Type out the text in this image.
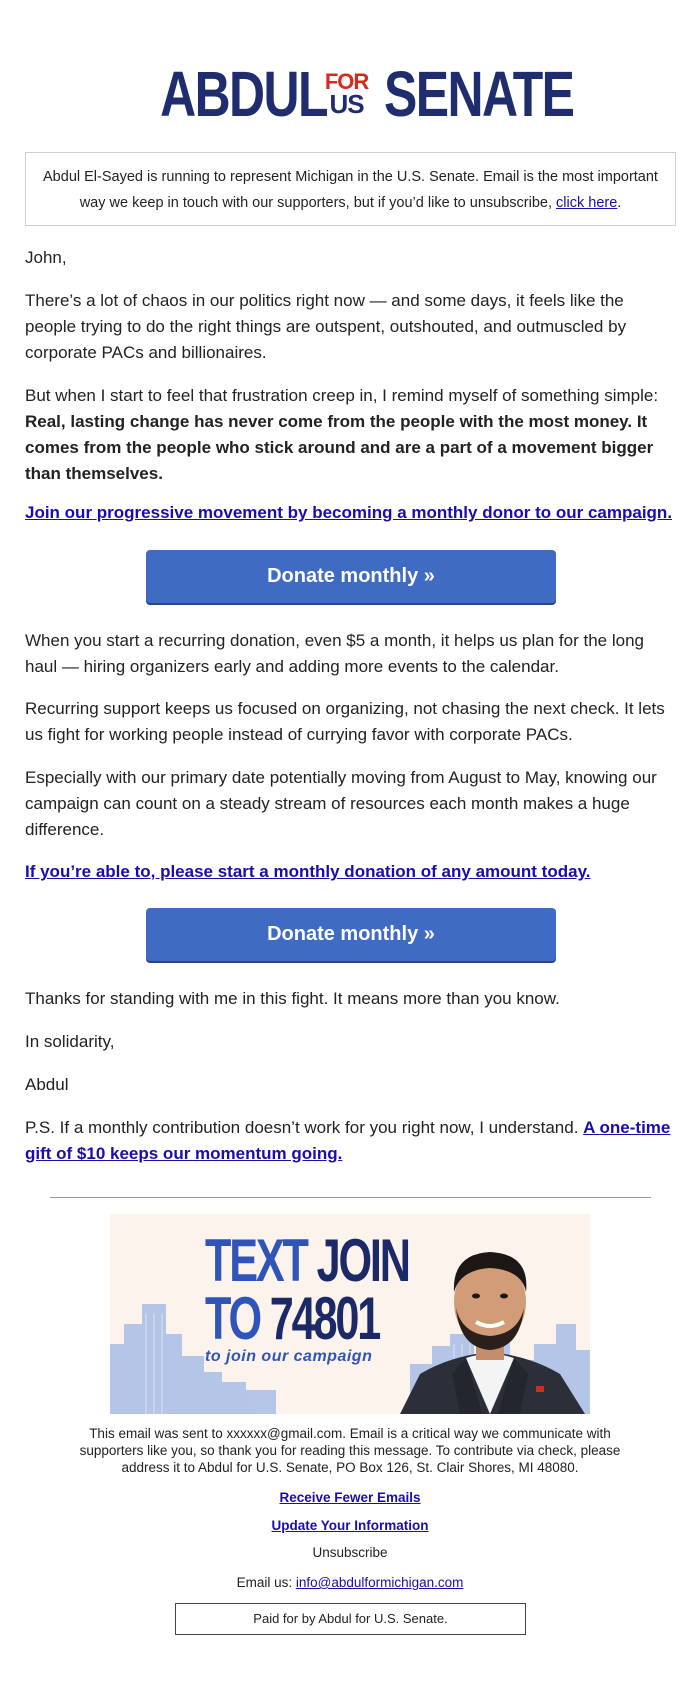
ABDUL
FOR
US SENATE
Abdul El-Sayed is running to represent Michigan in the U.S. Senate. Email is the most important way we keep in touch with our supporters, but if you’d like to unsubscribe, click here.
John,
There’s a lot of chaos in our politics right now — and some days, it feels like the people trying to do the right things are outspent, outshouted, and outmuscled by corporate PACs and billionaires.
But when I start to feel that frustration creep in, I remind myself of something simple: Real, lasting change has never come from the people with the most money. It comes from the people who stick around and are a part of a movement bigger than themselves.
Join our progressive movement by becoming a monthly donor to our campaign.
Donate monthly »
When you start a recurring donation, even $5 a month, it helps us plan for the long haul — hiring organizers early and adding more events to the calendar.
Recurring support keeps us focused on organizing, not chasing the next check. It lets us fight for working people instead of currying favor with corporate PACs.
Especially with our primary date potentially moving from August to May, knowing our campaign can count on a steady stream of resources each month makes a huge difference.
If you’re able to, please start a monthly donation of any amount today.
Donate monthly »
Thanks for standing with me in this fight. It means more than you know.
In solidarity,
Abdul
P.S. If a monthly contribution doesn’t work for you right now, I understand. A one-time gift of $10 keeps our momentum going.
TEXT JOIN
TO 74801
to join our campaign
This email was sent to xxxxxx@gmail.com. Email is a critical way we communicate with supporters like you, so thank you for reading this message. To contribute via check, please address it to Abdul for U.S. Senate, PO Box 126, St. Clair Shores, MI 48080.
Receive Fewer Emails
Update Your Information
Unsubscribe
Email us: info@abdulformichigan.com
Paid for by Abdul for U.S. Senate.
